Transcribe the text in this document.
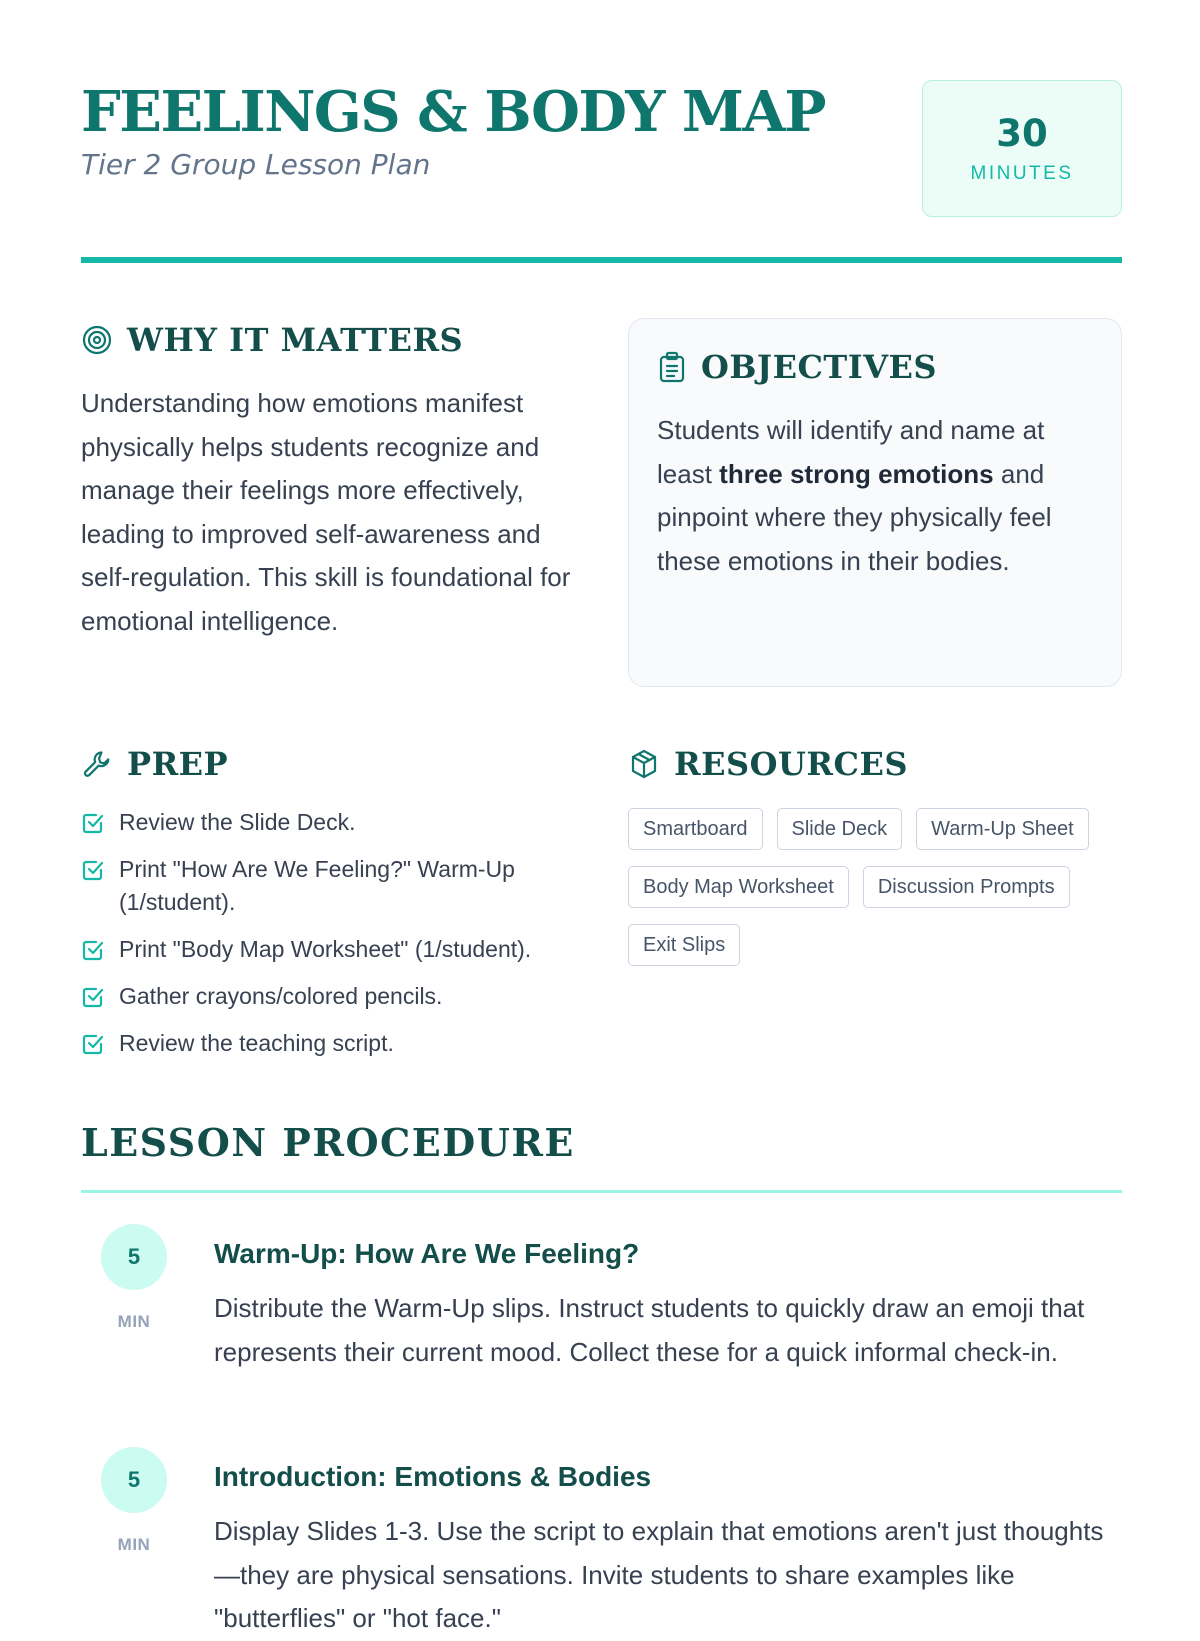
FEELINGS & BODY MAP
Tier 2 Group Lesson Plan
30
MINUTES
WHY IT MATTERS

Understanding how emotions manifest physically helps students recognize and manage their feelings more effectively, leading to improved self-awareness and self-regulation. This skill is foundational for emotional intelligence.

OBJECTIVES

Students will identify and name at least three strong emotions and pinpoint where they physically feel these emotions in their bodies.

PREP
Review the Slide Deck.
Print "How Are We Feeling?" Warm-Up (1/student).
Print "Body Map Worksheet" (1/student).
Gather crayons/colored pencils.
Review the teaching script.
RESOURCES
Smartboard	Slide Deck	Warm-Up Sheet
Body Map Worksheet	Discussion Prompts
Exit Slips
LESSON PROCEDURE
5
MIN
Warm-Up: How Are We Feeling?

Distribute the Warm-Up slips. Instruct students to quickly draw an emoji that represents their current mood. Collect these for a quick informal check-in.

5
MIN
Introduction: Emotions & Bodies

Display Slides 1-3. Use the script to explain that emotions aren't just thoughts—they are physical sensations. Invite students to share examples like "butterflies" or "hot face."
